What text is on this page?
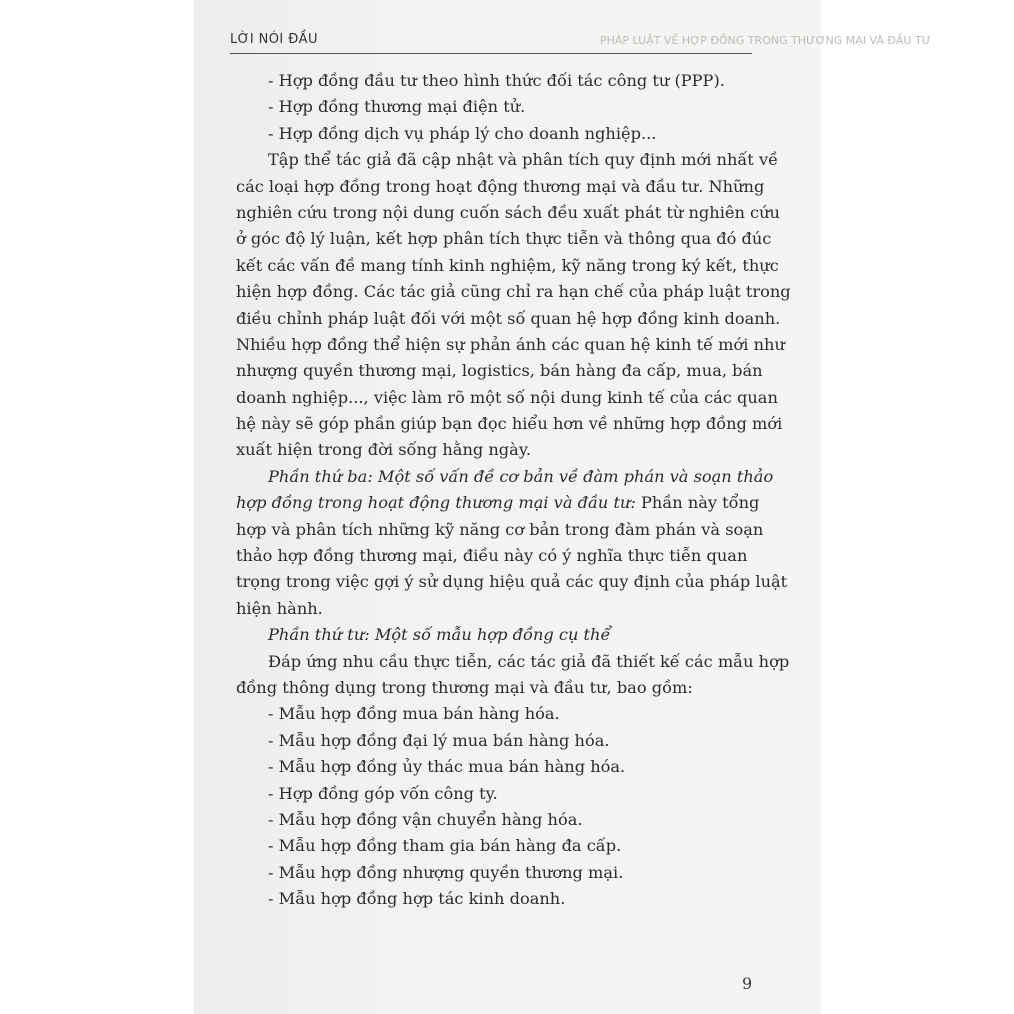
LỜI NÓI ĐẦU	PHÁP LUẬT VỀ HỢP ĐỒNG TRONG THƯƠNG MẠI VÀ ĐẦU TƯ
- Hợp đồng đầu tư theo hình thức đối tác công tư (PPP).
- Hợp đồng thương mại điện tử.
- Hợp đồng dịch vụ pháp lý cho doanh nghiệp...
Tập thể tác giả đã cập nhật và phân tích quy định mới nhất về
các loại hợp đồng trong hoạt động thương mại và đầu tư. Những
nghiên cứu trong nội dung cuốn sách đều xuất phát từ nghiên cứu
ở góc độ lý luận, kết hợp phân tích thực tiễn và thông qua đó đúc
kết các vấn đề mang tính kinh nghiệm, kỹ năng trong ký kết, thực
hiện hợp đồng. Các tác giả cũng chỉ ra hạn chế của pháp luật trong
điều chỉnh pháp luật đối với một số quan hệ hợp đồng kinh doanh.
Nhiều hợp đồng thể hiện sự phản ánh các quan hệ kinh tế mới như
nhượng quyền thương mại, logistics, bán hàng đa cấp, mua, bán
doanh nghiệp..., việc làm rõ một số nội dung kinh tế của các quan
hệ này sẽ góp phần giúp bạn đọc hiểu hơn về những hợp đồng mới
xuất hiện trong đời sống hằng ngày.
Phần thứ ba: Một số vấn đề cơ bản về đàm phán và soạn thảo
hợp đồng trong hoạt động thương mại và đầu tư: Phần này tổng
hợp và phân tích những kỹ năng cơ bản trong đàm phán và soạn
thảo hợp đồng thương mại, điều này có ý nghĩa thực tiễn quan
trọng trong việc gợi ý sử dụng hiệu quả các quy định của pháp luật
hiện hành.
Phần thứ tư: Một số mẫu hợp đồng cụ thể
Đáp ứng nhu cầu thực tiễn, các tác giả đã thiết kế các mẫu hợp
đồng thông dụng trong thương mại và đầu tư, bao gồm:
- Mẫu hợp đồng mua bán hàng hóa.
- Mẫu hợp đồng đại lý mua bán hàng hóa.
- Mẫu hợp đồng ủy thác mua bán hàng hóa.
- Hợp đồng góp vốn công ty.
- Mẫu hợp đồng vận chuyển hàng hóa.
- Mẫu hợp đồng tham gia bán hàng đa cấp.
- Mẫu hợp đồng nhượng quyền thương mại.
- Mẫu hợp đồng hợp tác kinh doanh.
9
